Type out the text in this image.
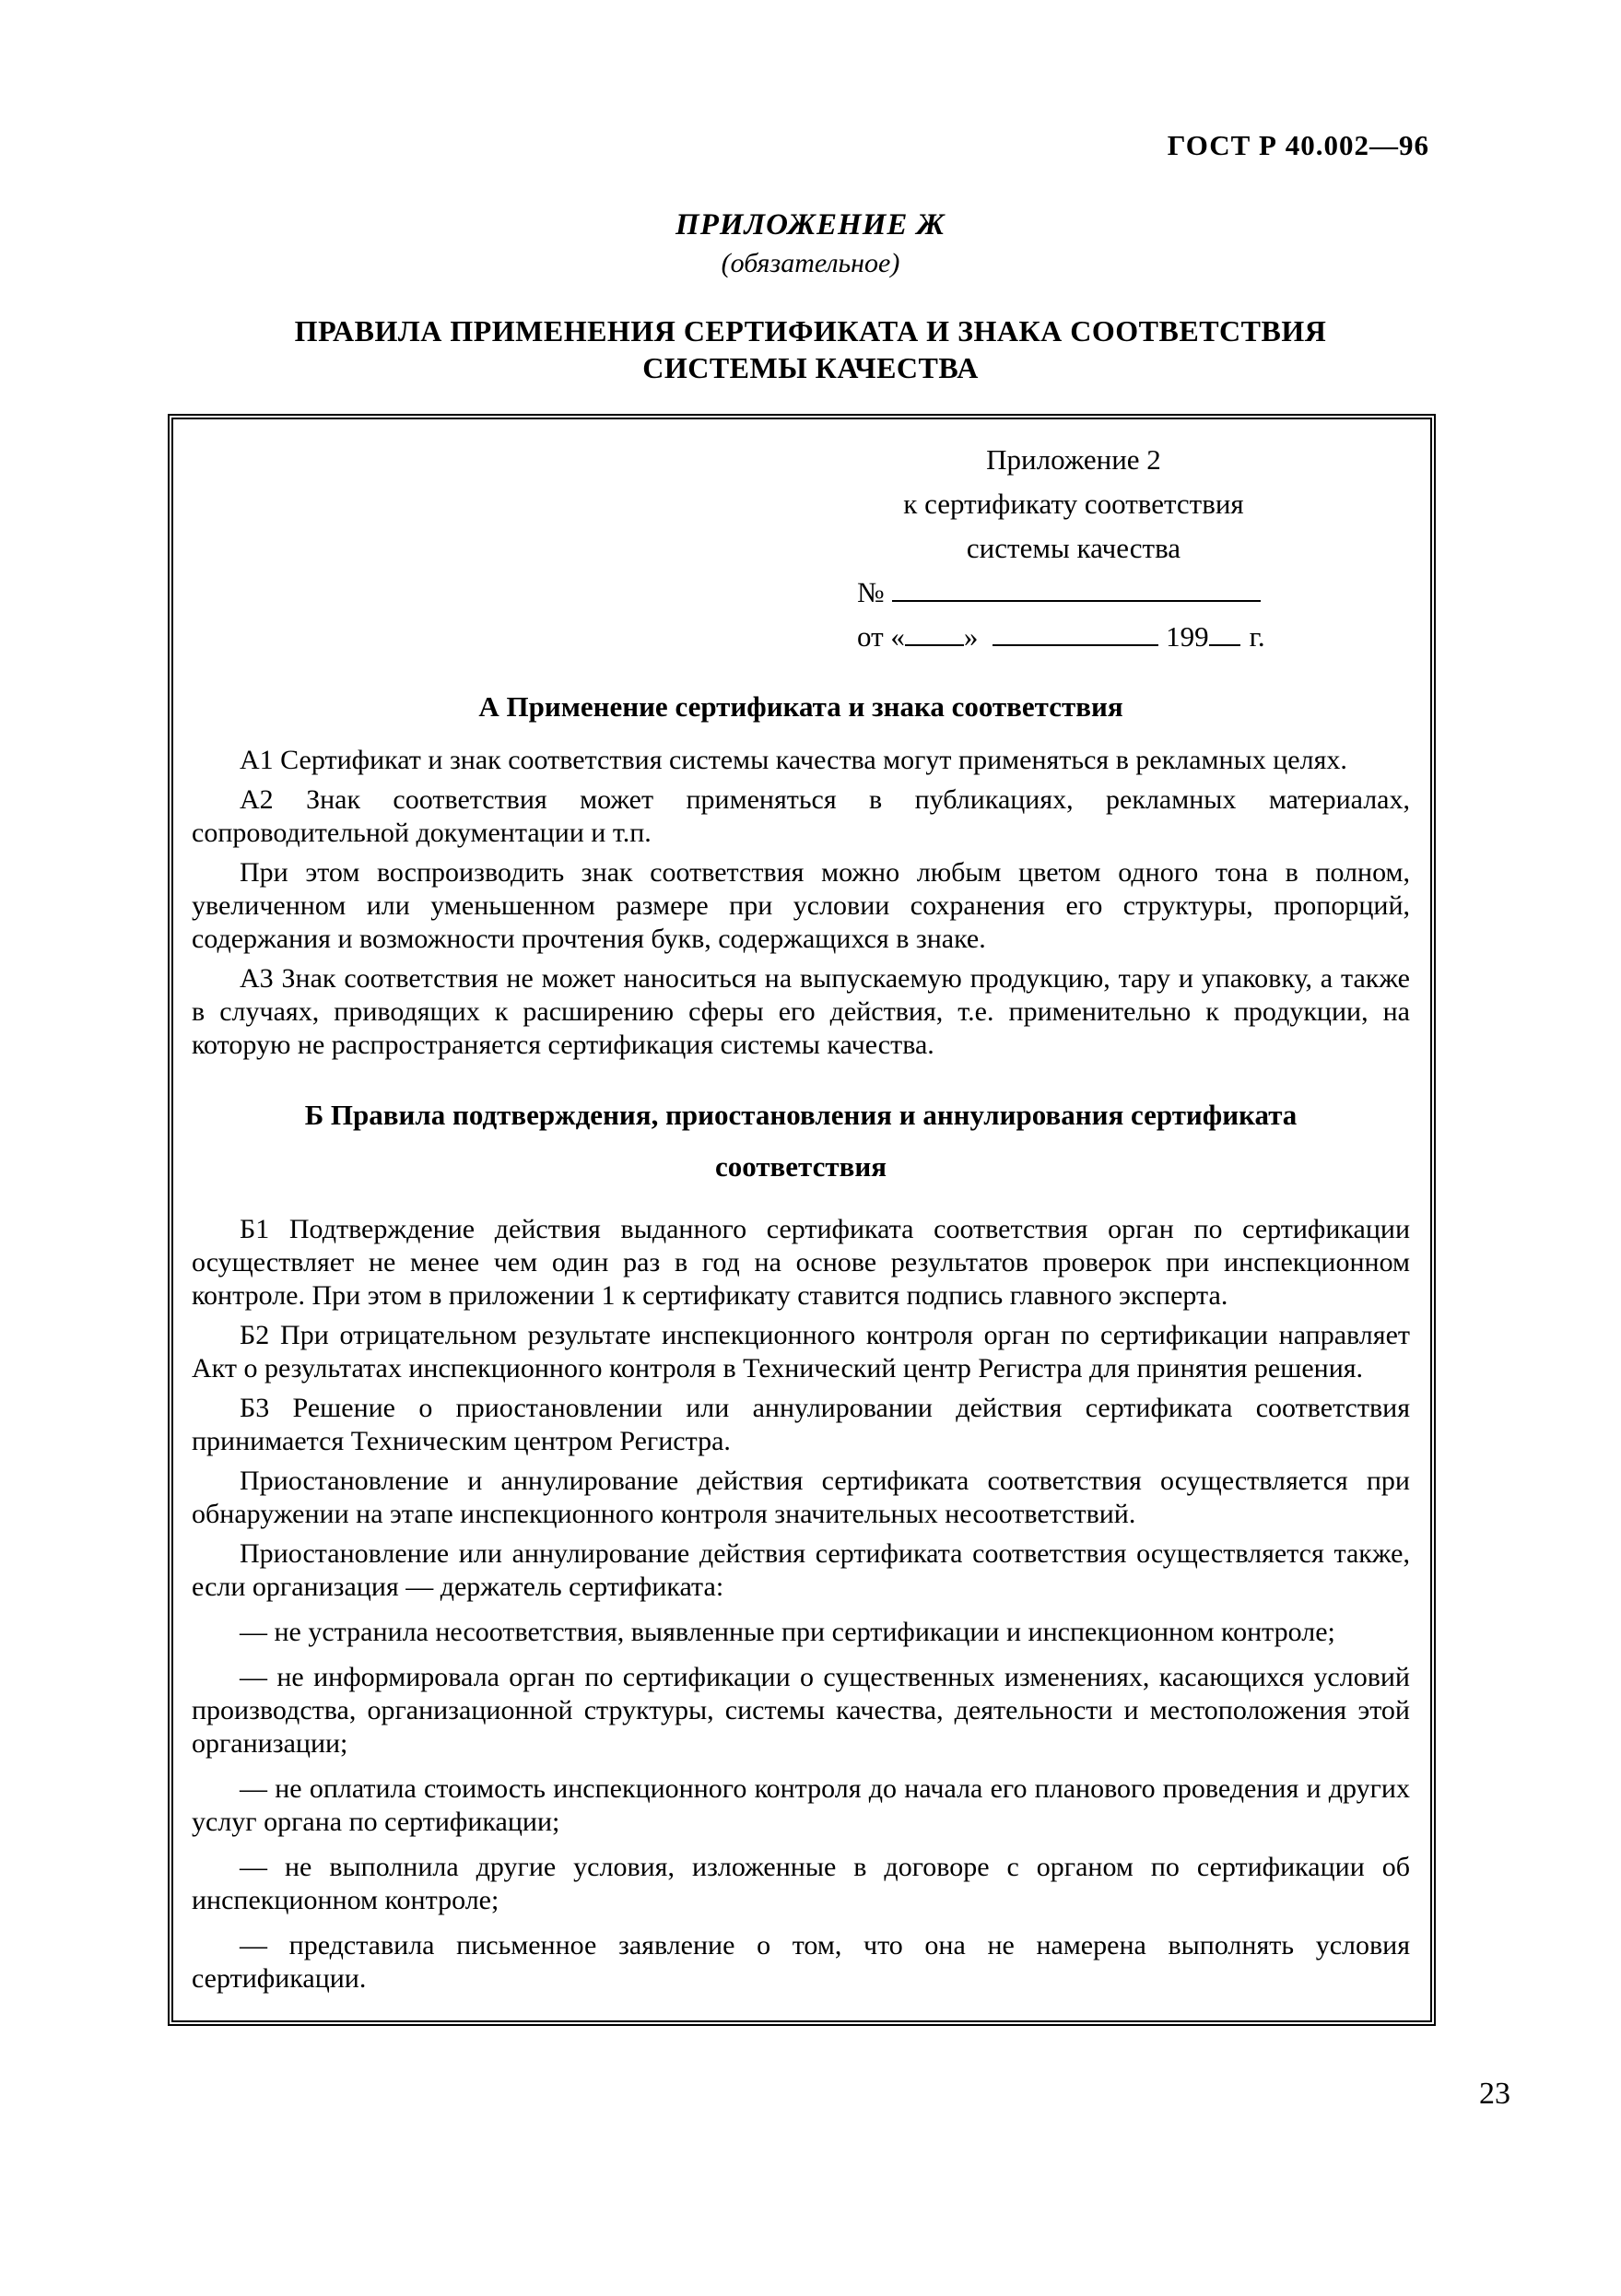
ГОСТ Р 40.002—96
ПРИЛОЖЕНИЕ Ж
(обязательное)
ПРАВИЛА ПРИМЕНЕНИЯ СЕРТИФИКАТА И ЗНАКА СООТВЕТСТВИЯ
СИСТЕМЫ КАЧЕСТВА
Приложение 2
к сертификату соответствия
системы качества
№
от « »	199 г.
А Применение сертификата и знака соответствия

А1 Сертификат и знак соответствия системы качества могут применяться в рекламных целях.

А2 Знак соответствия может применяться в публикациях, рекламных материалах, сопроводительной документации и т.п.

При этом воспроизводить знак соответствия можно любым цветом одного тона в полном, увеличенном или уменьшенном размере при условии сохранения его структуры, пропорций, содержания и возможности прочтения букв, содержащихся в знаке.

А3 Знак соответствия не может наноситься на выпускаемую продукцию, тару и упаковку, а также в случаях, приводящих к расширению сферы его действия, т.е. применительно к продукции, на которую не распространяется сертификация системы качества.

Б Правила подтверждения, приостановления и аннулирования сертификата
соответствия

Б1 Подтверждение действия выданного сертификата соответствия орган по сертификации осуществляет не менее чем один раз в год на основе результатов проверок при инспекционном контроле. При этом в приложении 1 к сертификату ставится подпись главного эксперта.

Б2 При отрицательном результате инспекционного контроля орган по сертификации направляет Акт о результатах инспекционного контроля в Технический центр Регистра для принятия решения.

Б3 Решение о приостановлении или аннулировании действия сертификата соответствия принимается Техническим центром Регистра.

Приостановление и аннулирование действия сертификата соответствия осуществляется при обнаружении на этапе инспекционного контроля значительных несоответствий.

Приостановление или аннулирование действия сертификата соответствия осуществляется также, если организация — держатель сертификата:

— не устранила несоответствия, выявленные при сертификации и инспекционном контроле;

— не информировала орган по сертификации о существенных изменениях, касающихся условий производства, организационной структуры, системы качества, деятельности и местоположения этой организации;

— не оплатила стоимость инспекционного контроля до начала его планового проведения и других услуг органа по сертификации;

— не выполнила другие условия, изложенные в договоре с органом по сертификации об инспекционном контроле;

— представила письменное заявление о том, что она не намерена выполнять условия сертификации.

23
